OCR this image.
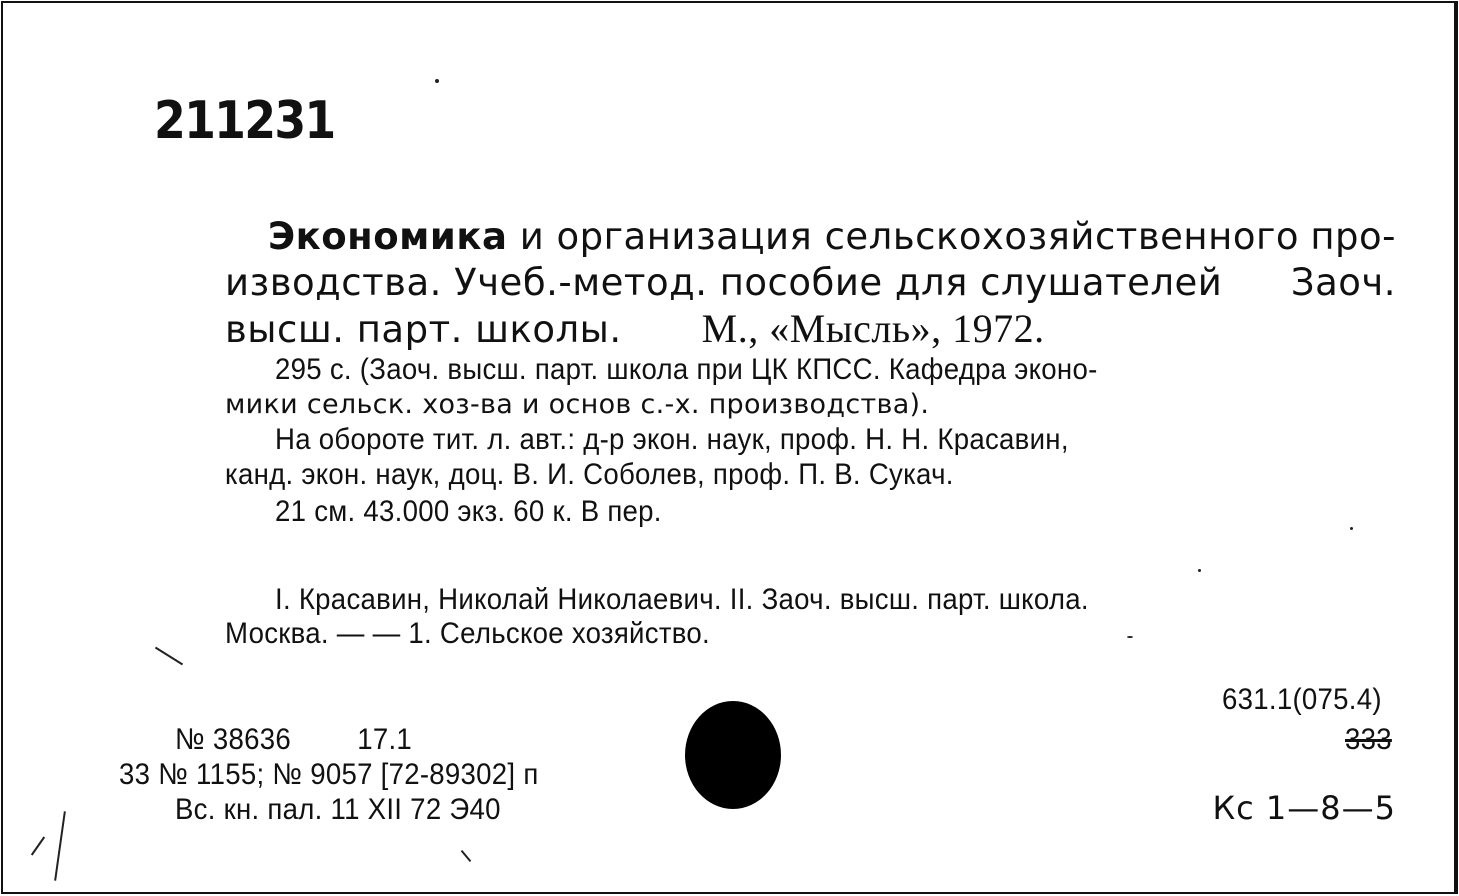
211231
Экономика и организация сельскохозяйственного про-
изводства. Учеб.-метод. пособие для слушателей Заоч.
высш. парт. школы. М., «Мысль», 1972.
295 с. (Заоч. высш. парт. школа при ЦК КПСС. Кафедра эконо-
мики сельск. хоз-ва и основ с.-х. производства).
На обороте тит. л. авт.: д-р экон. наук, проф. Н. Н. Красавин,
канд. экон. наук, доц. В. И. Соболев, проф. П. В. Сукач.
21 см. 43.000 экз. 60 к. В пер.
I. Красавин, Николай Николаевич. II. Заоч. высш. парт. школа.
Москва. — — 1. Сельское хозяйство.
631.1(075.4)
333
Кс 1—8—5
№ 38636 17.1
33 № 1155; № 9057 [72-89302] п
Вс. кн. пал. 11 XII 72 Э40
